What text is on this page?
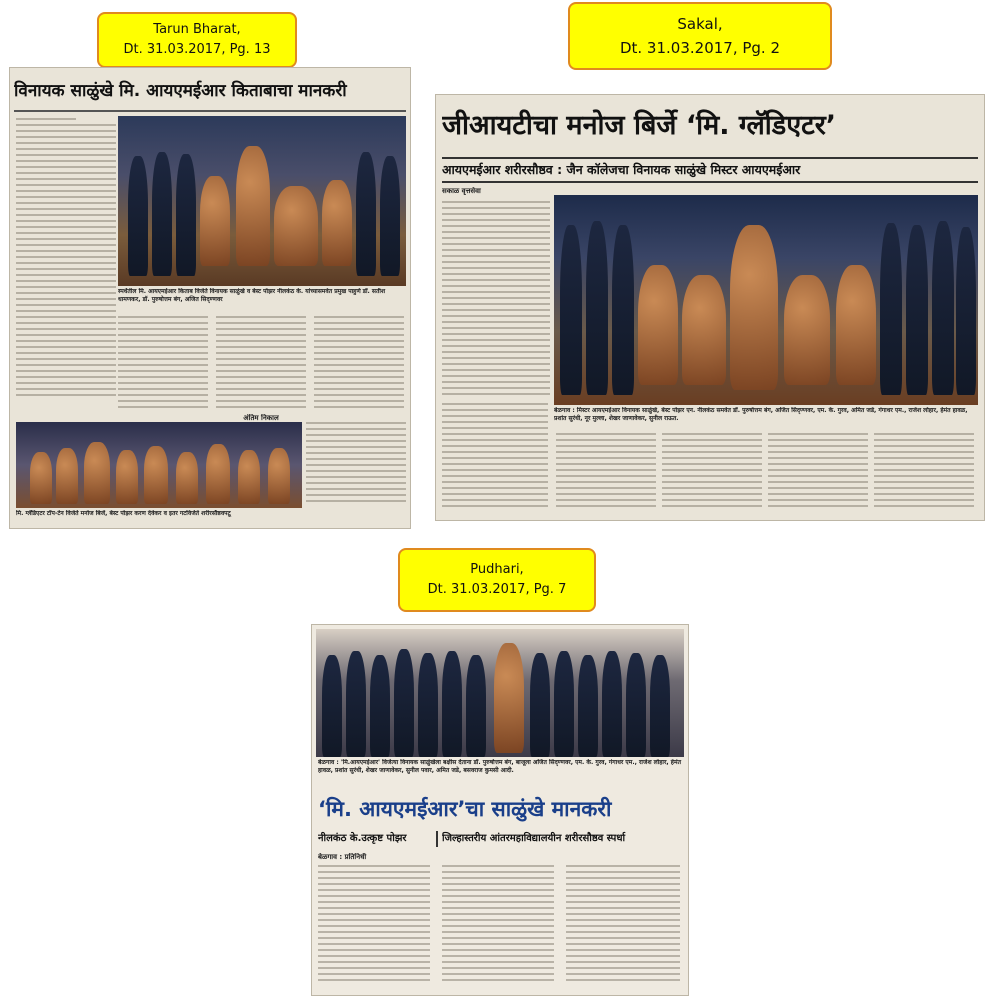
Tarun Bharat,
Dt. 31.03.2017, Pg. 13
Sakal,
Dt. 31.03.2017, Pg. 2
Pudhari,
Dt. 31.03.2017, Pg. 7
विनायक साळुंखे मि. आयएमईआर किताबाचा मानकरी
स्पर्धेतील मि. आयएमईआर किताब विजेते विनायक साळुंखे व बेस्ट पोझर नीलकंठ के. यांच्यासमवेत प्रमुख पाहुणे डॉ. सतीश धामणकर, डॉ. पुरुषोत्तम बंग, अजित सिद्‌ण्णवर
अंतिम निकाल
मि. ग्लॅडिएटर टॉप-टेन विजेते मनोज बिर्जे, बेस्ट पोझर करण देवेकर व इतर गटविजेते शरीरसौष्ठवपटू
जीआयटीचा मनोज बिर्जे ‘मि. ग्लॅडिएटर’
आयएमईआर शरीरसौष्ठव : जैन कॉलेजचा विनायक साळुंखे मिस्टर आयएमईआर
सकाळ वृत्तसेवा
बेळगाव : मिस्टर आयएमईआर विनायक साळुंखे, बेस्ट पोझर एन. नीलकंठ समवेत डॉ. पुरुषोत्तम बंग, अजित सिद्‌ण्णवर, एम. के. गुरव, अमित जडे, गंगाधर एम., राजेश लोहार, हेमंत हावळ, प्रशांत सुरंधी, नूर मुल्ला, शेखर जाणावेकर, सुनील राऊत.
बेळगाव : 'मि.आयएमईआर' विजेत्या विनायक साळुंखेला बक्षीस देताना डॉ. पुरुषोत्तम बंग, बाजूला अजित सिद्‌ण्णवर, एम. के. गुरव, गंगाधर एम., राजेश लोहार, हेमंत हावळ, प्रशांत सुरंधी, शेखर जाणावेकर, सुनील पवार, अमित जडे, बसवराज कुमसी आदी.
‘मि. आयएमईआर’चा साळुंखे मानकरी
नीलकंठ के.उत्कृष्ट पोझर	जिल्हास्तरीय आंतरमहाविद्यालयीन शरीरसौष्ठव स्पर्धा
बेळगाव : प्रतिनिधी
